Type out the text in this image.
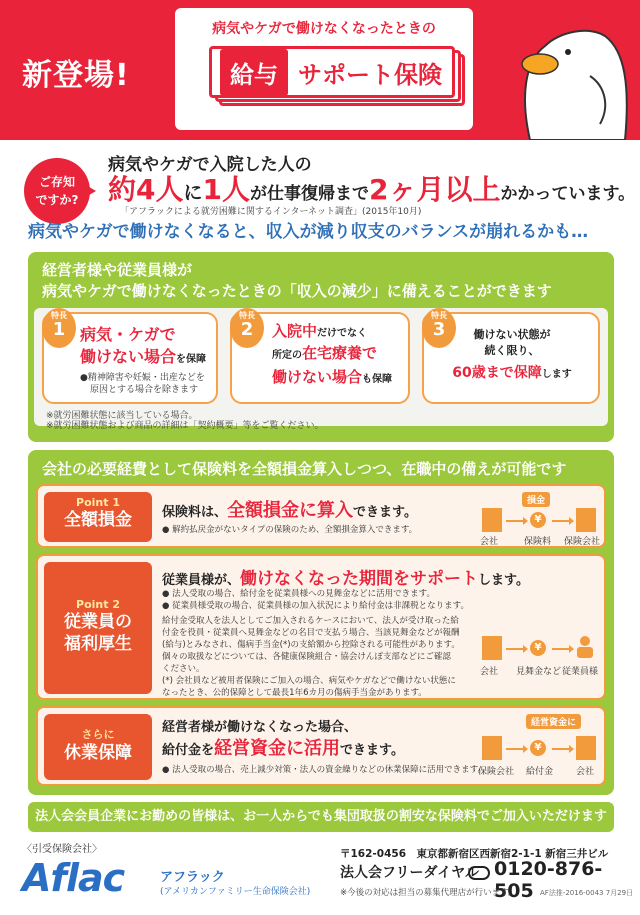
新登場!
病気やケガで働けなくなったときの
給与 サポート保険
ご存知
ですか?
病気やケガで入院した人の
約4人に1人が仕事復帰まで2ヶ月以上かかっています。
「アフラックによる就労困難に関するインターネット調査」(2015年10月)
病気やケガで働けなくなると、収入が減り収支のバランスが崩れるかも…
経営者様や従業員様が
病気やケガで働けなくなったときの「収入の減少」に備えることができます
特長
1 病気・ケガで
働けない場合を保障
●精神障害や妊娠・出産などを
原因とする場合を除きます
特長
2	入院中だけでなく
所定の在宅療養で
働けない場合も保障
特長
3	働けない状態が
続く限り、
60歳まで保障します
※就労困難状態に該当している場合。
※就労困難状態および商品の詳細は「契約概要」等をご覧ください。
会社の必要経費として保険料を全額損金算入しつつ、在職中の備えが可能です
Point 1
全額損金	保険料は、全額損金に算入できます。
● 解約払戻金がないタイプの保険のため、全額損金算入できます。
損金
¥
会社	保険料 保険会社
Point 2
従業員の
福利厚生
従業員様が、働けなくなった期間をサポートします。
● 法人受取の場合、給付金を従業員様への見舞金などに活用できます。
● 従業員様受取の場合、従業員様の加入状況により給付金は非課税となります。
給付金受取人を法人としてご加入されるケースにおいて、法人が受け取った給
付金を役員・従業員へ見舞金などの名目で支払う場合、当該見舞金などが報酬
(給与)とみなされ、傷病手当金(*)の支給額から控除される可能性があります。
個々の取扱などについては、各健康保険組合・協会けんぽ支部などにご確認
ください。
(*) 会社員など被用者保険にご加入の場合、病気やケガなどで働けない状態に
なったとき、公的保障として最長1年6カ月の傷病手当金があります。
¥
会社 見舞金など 従業員様
さらに
休業保障
経営者様が働けなくなった場合、
給付金を経営資金に活用できます。
● 法人受取の場合、売上減少対策・法人の資金繰りなどの休業保障に活用できます。
経営資金に
¥
保険会社 給付金	会社
法人会会員企業にお勤めの皆様は、お一人からでも集団取扱の割安な保険料でご加入いただけます
〈引受保険会社〉
Aflac	アフラック
(アメリカンファミリー生命保険会社)
〒162-0456　東京都新宿区西新宿2-1-1 新宿三井ビル
法人会フリーダイヤル 0120-876-505
※今後の対応は担当の募集代理店が行います。	AF法推-2016-0043 7月29日
